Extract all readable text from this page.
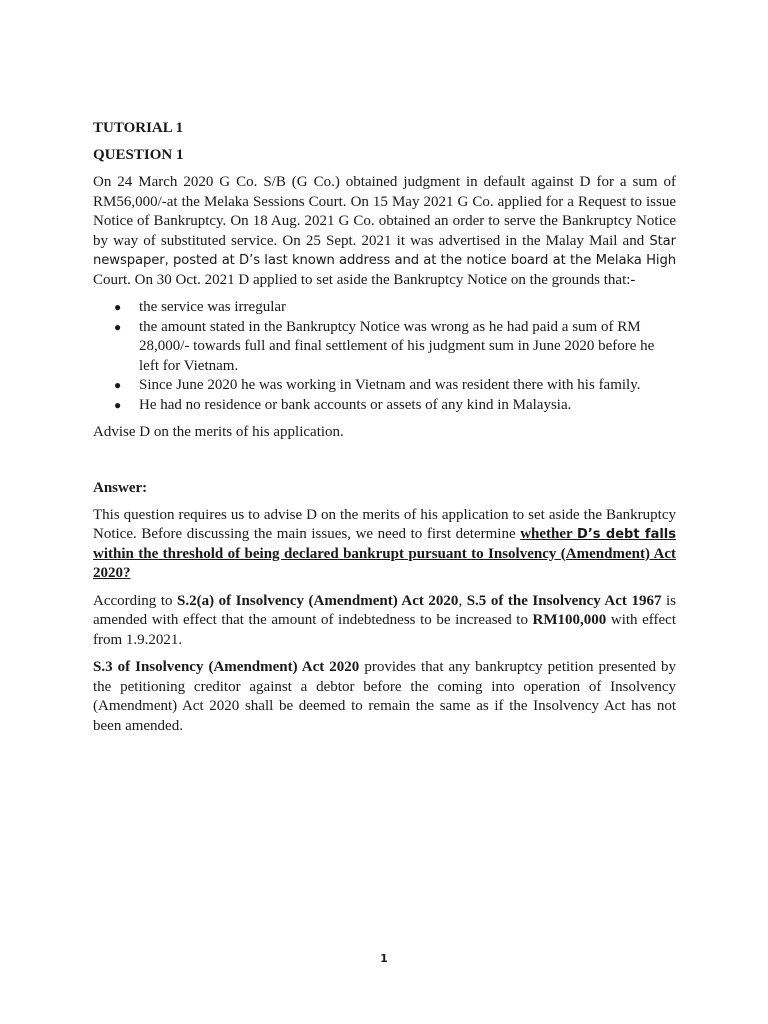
TUTORIAL 1

QUESTION 1

On 24 March 2020 G Co. S/B (G Co.) obtained judgment in default against D for a sum of RM56,000/-at the Melaka Sessions Court. On 15 May 2021 G Co. applied for a Request to issue Notice of Bankruptcy. On 18 Aug. 2021 G Co. obtained an order to serve the Bankruptcy Notice by way of substituted service. On 25 Sept. 2021 it was advertised in the Malay Mail and Star newspaper, posted at D’s last known address and at the notice board at the Melaka High Court. On 30 Oct. 2021 D applied to set aside the Bankruptcy Notice on the grounds that:-

● the service was irregular
● the amount stated in the Bankruptcy Notice was wrong as he had paid a sum of RM 28,000/- towards full and final settlement of his judgment sum in June 2020 before he left for Vietnam.
● Since June 2020 he was working in Vietnam and was resident there with his family.
● He had no residence or bank accounts or assets of any kind in Malaysia.

Advise D on the merits of his application.

Answer:

This question requires us to advise D on the merits of his application to set aside the Bankruptcy Notice. Before discussing the main issues, we need to first determine whether D’s debt falls within the threshold of being declared bankrupt pursuant to Insolvency (Amendment) Act 2020?

According to S.2(a) of Insolvency (Amendment) Act 2020, S.5 of the Insolvency Act 1967 is amended with effect that the amount of indebtedness to be increased to RM100,000 with effect from 1.9.2021.

S.3 of Insolvency (Amendment) Act 2020 provides that any bankruptcy petition presented by the petitioning creditor against a debtor before the coming into operation of Insolvency (Amendment) Act 2020 shall be deemed to remain the same as if the Insolvency Act has not been amended.

1
